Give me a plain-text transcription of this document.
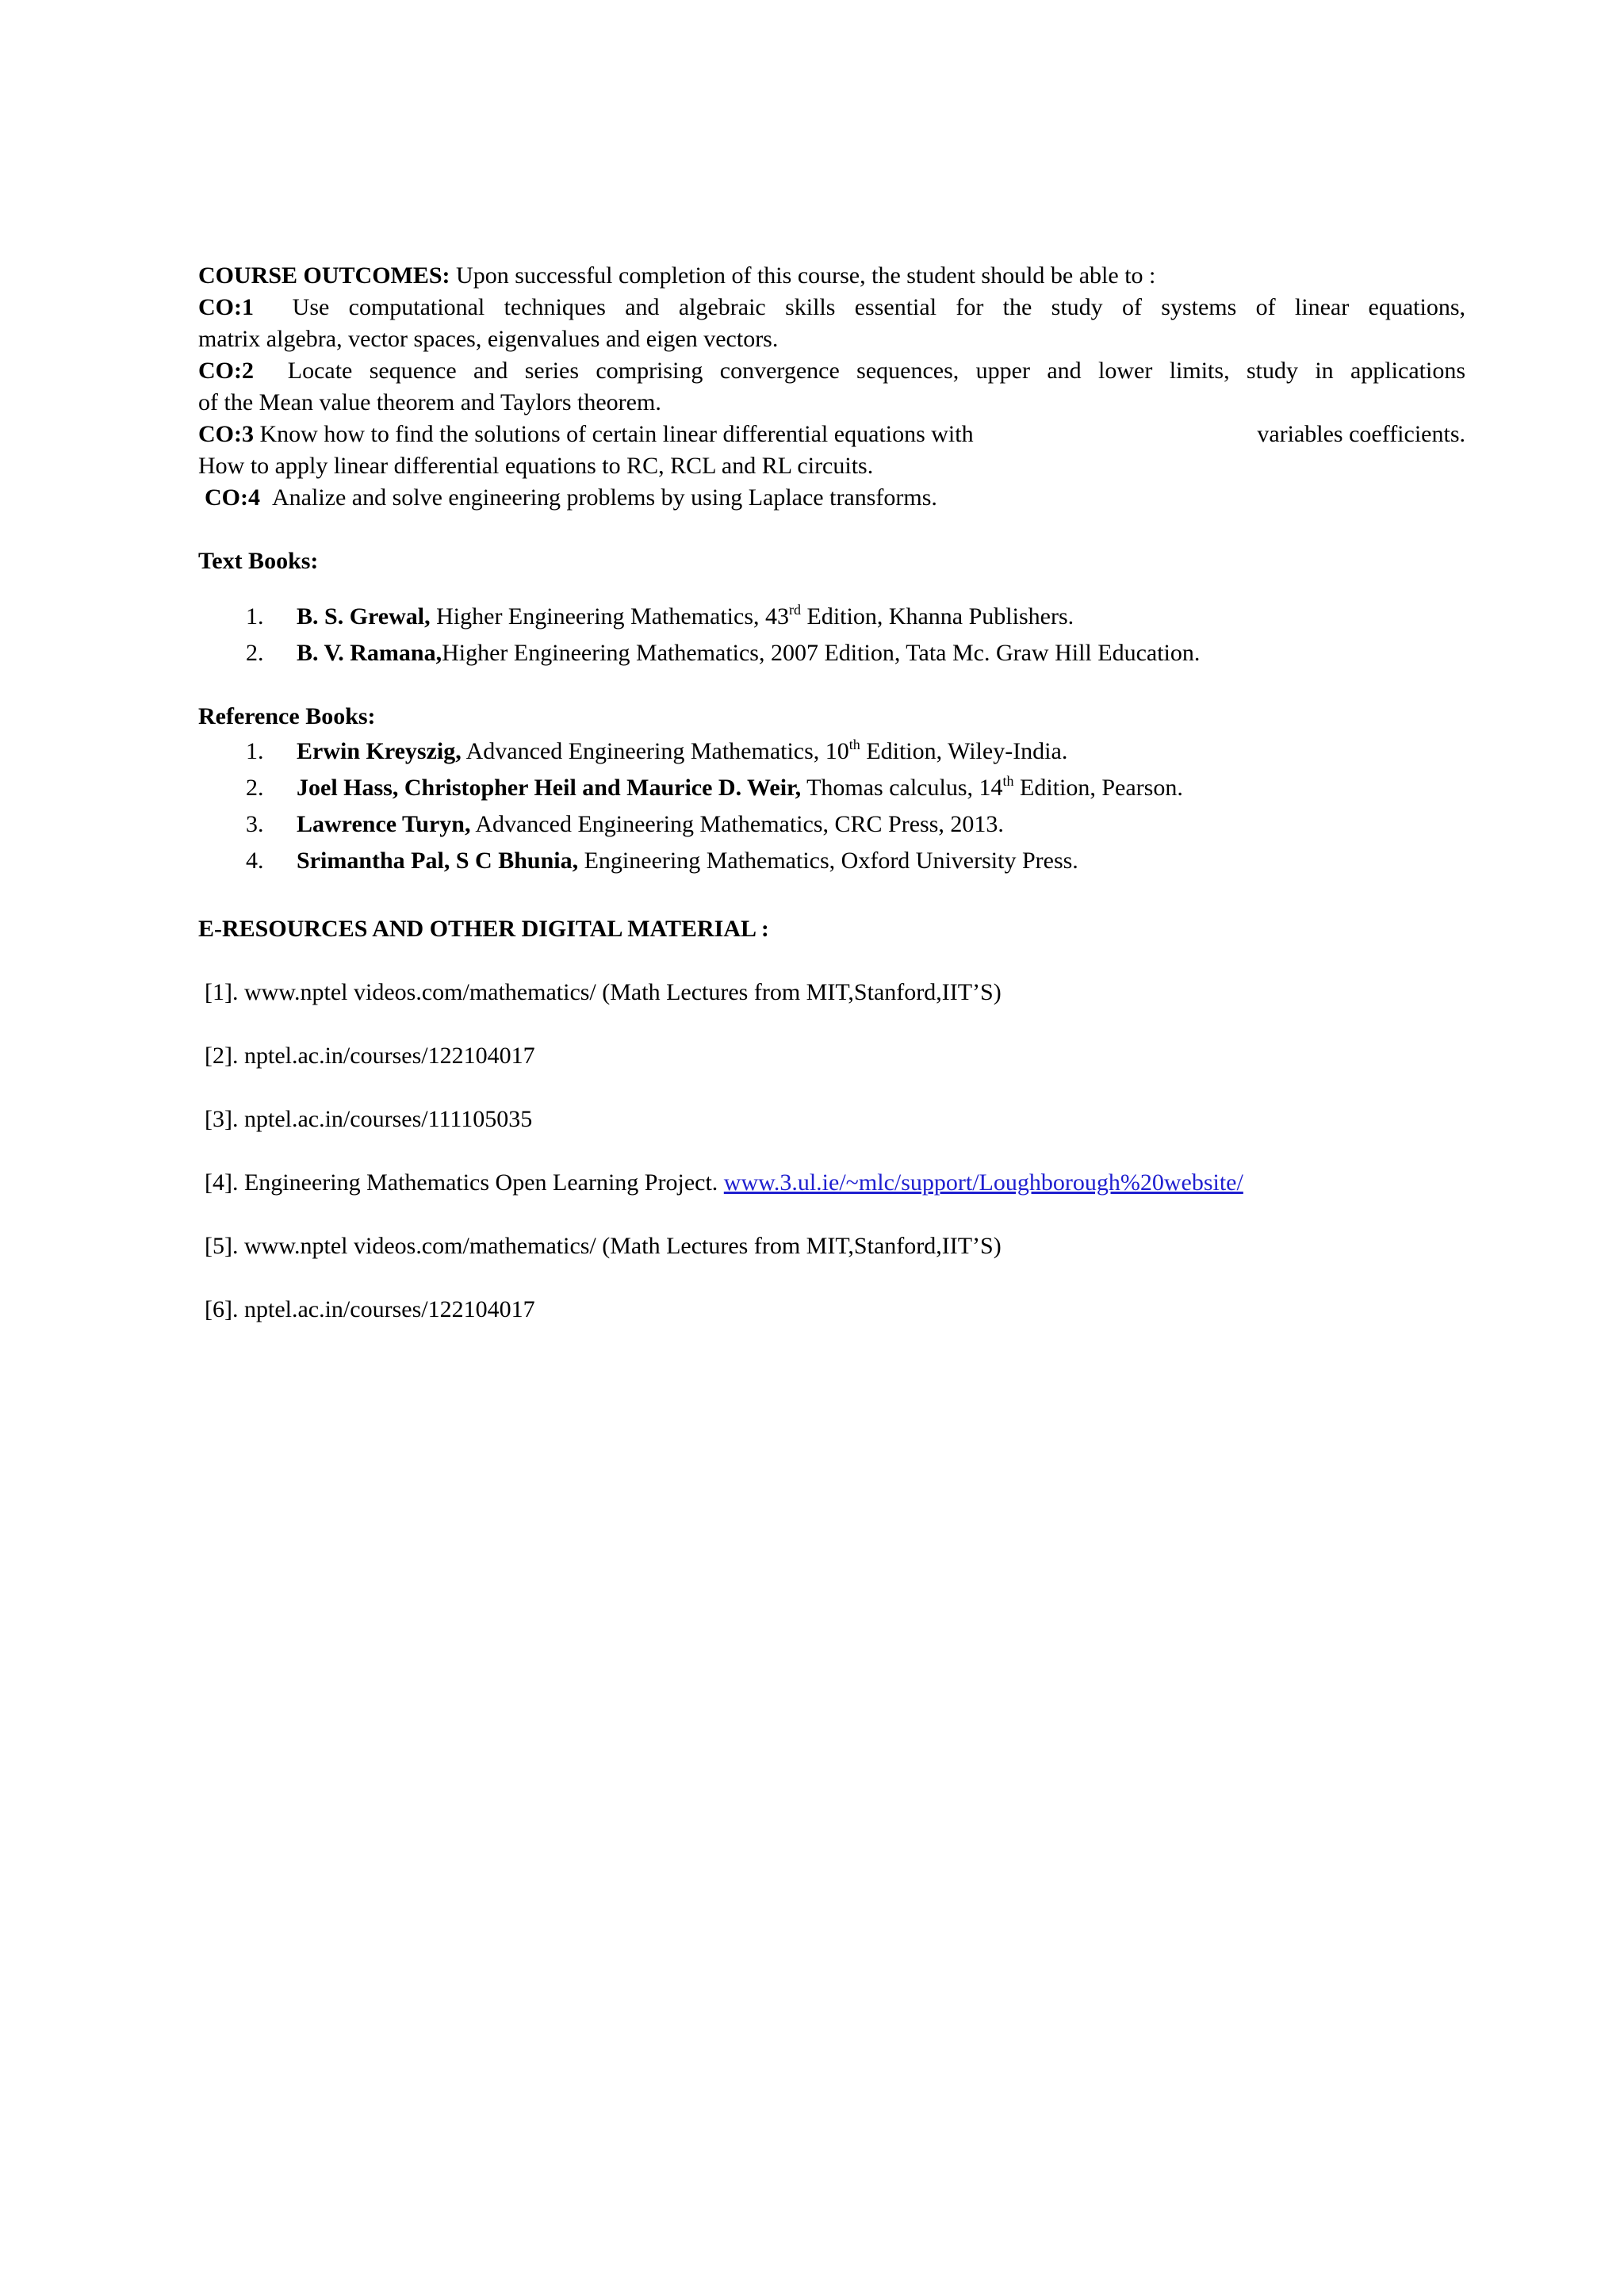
COURSE OUTCOMES: Upon successful completion of this course, the student should be able to :
CO:1 Use computational techniques and algebraic skills essential for the study of systems of linear equations,
matrix algebra, vector spaces, eigenvalues and eigen vectors.
CO:2 Locate sequence and series comprising convergence sequences, upper and lower limits, study in applications
of the Mean value theorem and Taylors theorem.
CO:3 Know how to find the solutions of certain linear differential equations with	variables coefficients.
How to apply linear differential equations to RC, RCL and RL circuits.
CO:4 Analize and solve engineering problems by using Laplace transforms.
Text Books:
1. B. S. Grewal, Higher Engineering Mathematics, 43rd Edition, Khanna Publishers.
2. B. V. Ramana,Higher Engineering Mathematics, 2007 Edition, Tata Mc. Graw Hill Education.
Reference Books:
1. Erwin Kreyszig, Advanced Engineering Mathematics, 10th Edition, Wiley-India.
2. Joel Hass, Christopher Heil and Maurice D. Weir, Thomas calculus, 14th Edition, Pearson.
3. Lawrence Turyn, Advanced Engineering Mathematics, CRC Press, 2013.
4. Srimantha Pal, S C Bhunia, Engineering Mathematics, Oxford University Press.
E-RESOURCES AND OTHER DIGITAL MATERIAL :
[1]. www.nptel videos.com/mathematics/ (Math Lectures from MIT,Stanford,IIT’S)
[2]. nptel.ac.in/courses/122104017
[3]. nptel.ac.in/courses/111105035
[4]. Engineering Mathematics Open Learning Project. www.3.ul.ie/~mlc/support/Loughborough%20website/
[5]. www.nptel videos.com/mathematics/ (Math Lectures from MIT,Stanford,IIT’S)
[6]. nptel.ac.in/courses/122104017
